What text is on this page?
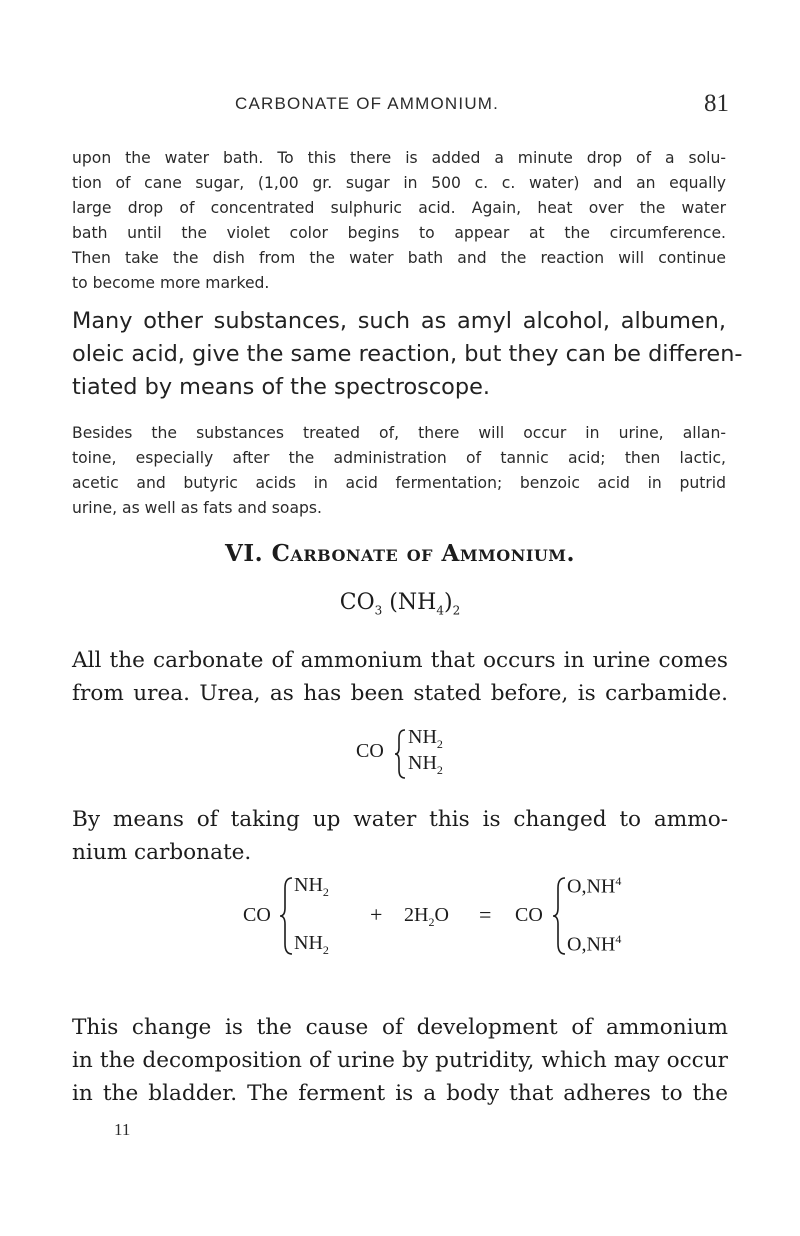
CARBONATE OF AMMONIUM.	81

upon the water bath. To this there is added a minute drop of a solu-
tion of cane sugar, (1,00 gr. sugar in 500 c. c. water) and an equally
large drop of concentrated sulphuric acid. Again, heat over the water
bath until the violet color begins to appear at the circumference.
Then take the dish from the water bath and the reaction will continue
to become more marked.

Many other substances, such as amyl alcohol, albumen,
oleic acid, give the same reaction, but they can be differen-
tiated by means of the spectroscope.

Besides the substances treated of, there will occur in urine, allan-
toine, especially after the administration of tannic acid; then lactic,
acetic and butyric acids in acid fermentation; benzoic acid in putrid
urine, as well as fats and soaps.

VI. Carbonate of Ammonium.
$CO_3$ $(NH_4)_2$

All the carbonate of ammonium that occurs in urine comes
from urea. Urea, as has been stated before, is carbamide.

CO
$NH_2$
$NH_2$

By means of taking up water this is changed to ammo-
nium carbonate.

CO
$NH_2$
$NH_2$
+ $2H_2O$ = CO
$O,NH^4$
$O,NH^4$

This change is the cause of development of ammonium
in the decomposition of urine by putridity, which may occur
in the bladder. The ferment is a body that adheres to the

11
